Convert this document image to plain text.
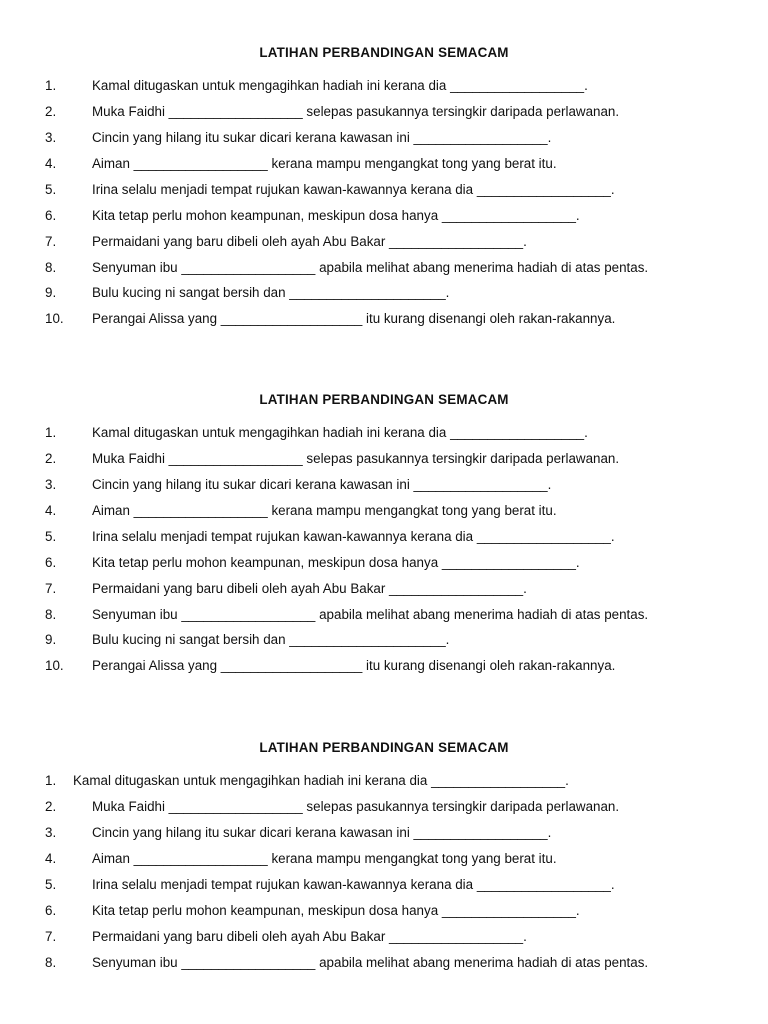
LATIHAN PERBANDINGAN SEMACAM
1.	Kamal ditugaskan untuk mengagihkan hadiah ini kerana dia __________________.
2.	Muka Faidhi __________________ selepas pasukannya tersingkir daripada perlawanan.
3.	Cincin yang hilang itu sukar dicari kerana kawasan ini __________________.
4.	Aiman __________________ kerana mampu mengangkat tong yang berat itu.
5.	Irina selalu menjadi tempat rujukan kawan-kawannya kerana dia __________________.
6.	Kita tetap perlu mohon keampunan, meskipun dosa hanya __________________.
7.	Permaidani yang baru dibeli oleh ayah Abu Bakar __________________.
8.	Senyuman ibu __________________ apabila melihat abang menerima hadiah di atas pentas.
9.	Bulu kucing ni sangat bersih dan _____________________.
10.	Perangai Alissa yang ___________________ itu kurang disenangi oleh rakan-rakannya.
LATIHAN PERBANDINGAN SEMACAM
1.	Kamal ditugaskan untuk mengagihkan hadiah ini kerana dia __________________.
2.	Muka Faidhi __________________ selepas pasukannya tersingkir daripada perlawanan.
3.	Cincin yang hilang itu sukar dicari kerana kawasan ini __________________.
4.	Aiman __________________ kerana mampu mengangkat tong yang berat itu.
5.	Irina selalu menjadi tempat rujukan kawan-kawannya kerana dia __________________.
6.	Kita tetap perlu mohon keampunan, meskipun dosa hanya __________________.
7.	Permaidani yang baru dibeli oleh ayah Abu Bakar __________________.
8.	Senyuman ibu __________________ apabila melihat abang menerima hadiah di atas pentas.
9.	Bulu kucing ni sangat bersih dan _____________________.
10.	Perangai Alissa yang ___________________ itu kurang disenangi oleh rakan-rakannya.
LATIHAN PERBANDINGAN SEMACAM
1. Kamal ditugaskan untuk mengagihkan hadiah ini kerana dia __________________.
2.	Muka Faidhi __________________ selepas pasukannya tersingkir daripada perlawanan.
3.	Cincin yang hilang itu sukar dicari kerana kawasan ini __________________.
4.	Aiman __________________ kerana mampu mengangkat tong yang berat itu.
5.	Irina selalu menjadi tempat rujukan kawan-kawannya kerana dia __________________.
6.	Kita tetap perlu mohon keampunan, meskipun dosa hanya __________________.
7.	Permaidani yang baru dibeli oleh ayah Abu Bakar __________________.
8.	Senyuman ibu __________________ apabila melihat abang menerima hadiah di atas pentas.
